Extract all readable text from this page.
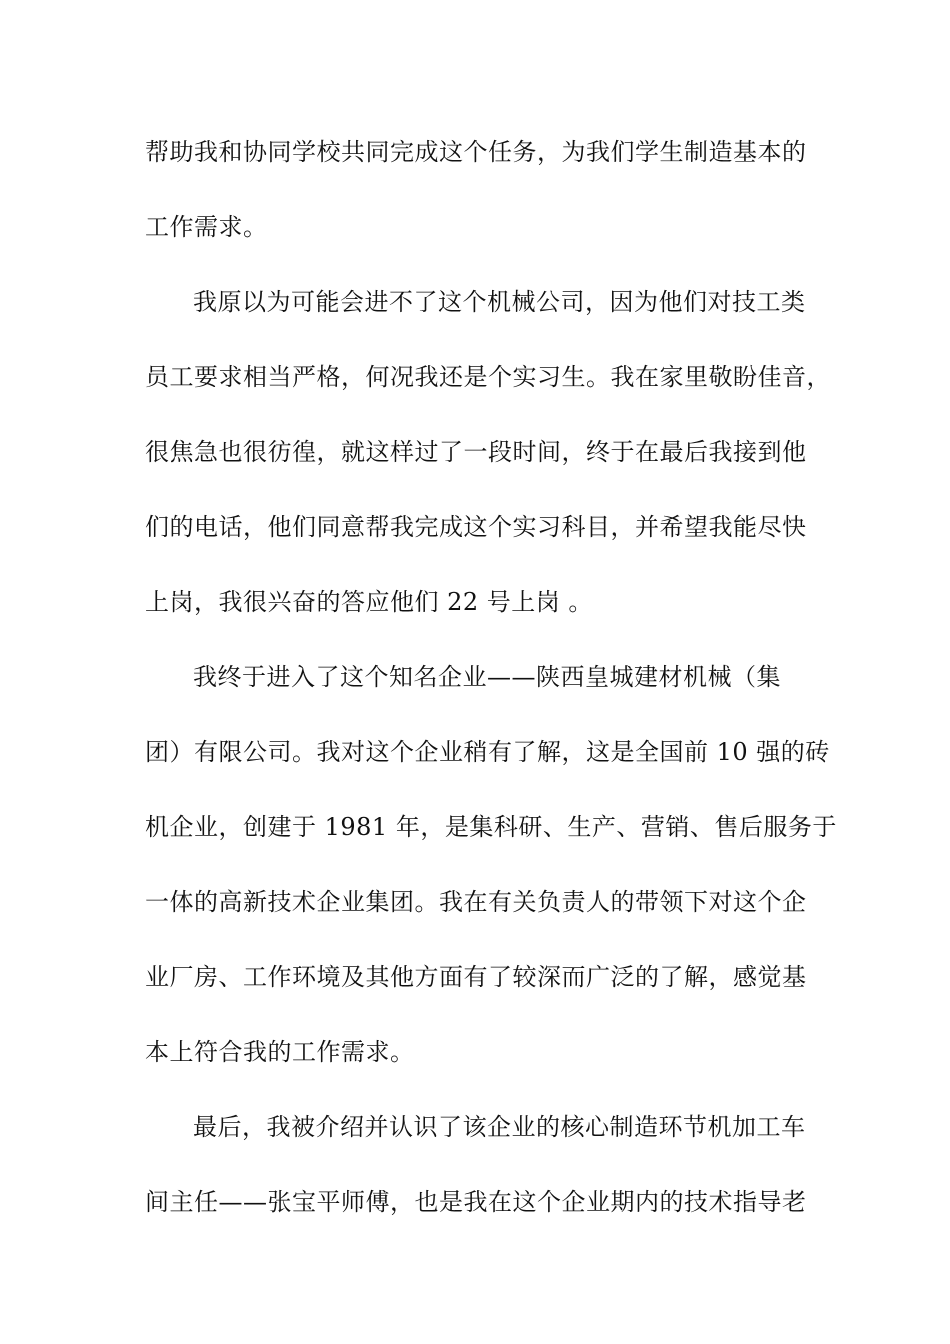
帮助我和协同学校共同完成这个任务，为我们学生制造基本的
工作需求。
我原以为可能会进不了这个机械公司，因为他们对技工类
员工要求相当严格，何况我还是个实习生。我在家里敬盼佳音，
很焦急也很彷徨，就这样过了一段时间，终于在最后我接到他
们的电话，他们同意帮我完成这个实习科目，并希望我能尽快
上岗，我很兴奋的答应他们 22 号上岗 。
我终于进入了这个知名企业——陕西皇城建材机械（集
团）有限公司。我对这个企业稍有了解，这是全国前 10 强的砖
机企业，创建于 1981 年，是集科研、生产、营销、售后服务于
一体的高新技术企业集团。我在有关负责人的带领下对这个企
业厂房、工作环境及其他方面有了较深而广泛的了解，感觉基
本上符合我的工作需求。
最后，我被介绍并认识了该企业的核心制造环节机加工车
间主任——张宝平师傅，也是我在这个企业期内的技术指导老
